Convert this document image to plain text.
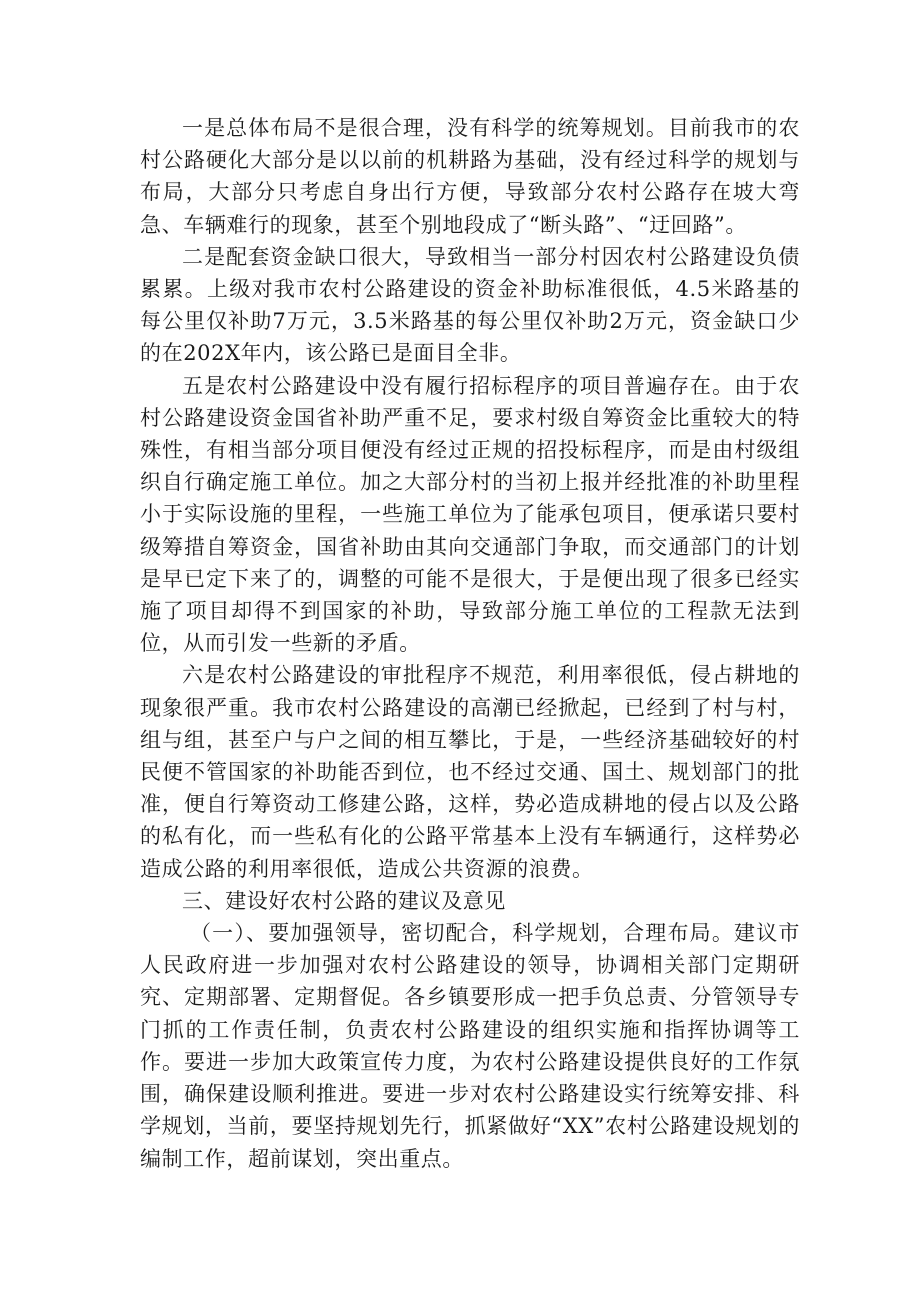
一是总体布局不是很合理，没有科学的统筹规划。目前我市的农村公路硬化大部分是以以前的机耕路为基础，没有经过科学的规划与布局，大部分只考虑自身出行方便，导致部分农村公路存在坡大弯急、车辆难行的现象，甚至个别地段成了“断头路”、“迂回路”。

二是配套资金缺口很大，导致相当一部分村因农村公路建设负债累累。上级对我市农村公路建设的资金补助标准很低，4.5米路基的每公里仅补助7万元，3.5米路基的每公里仅补助2万元，资金缺口少的在202X年内，该公路已是面目全非。

五是农村公路建设中没有履行招标程序的项目普遍存在。由于农村公路建设资金国省补助严重不足，要求村级自筹资金比重较大的特殊性，有相当部分项目便没有经过正规的招投标程序，而是由村级组织自行确定施工单位。加之大部分村的当初上报并经批准的补助里程小于实际设施的里程，一些施工单位为了能承包项目，便承诺只要村级筹措自筹资金，国省补助由其向交通部门争取，而交通部门的计划是早已定下来了的，调整的可能不是很大，于是便出现了很多已经实施了项目却得不到国家的补助，导致部分施工单位的工程款无法到位，从而引发一些新的矛盾。

六是农村公路建设的审批程序不规范，利用率很低，侵占耕地的现象很严重。我市农村公路建设的高潮已经掀起，已经到了村与村，组与组，甚至户与户之间的相互攀比，于是，一些经济基础较好的村民便不管国家的补助能否到位，也不经过交通、国土、规划部门的批准，便自行筹资动工修建公路，这样，势必造成耕地的侵占以及公路的私有化，而一些私有化的公路平常基本上没有车辆通行，这样势必造成公路的利用率很低，造成公共资源的浪费。

三、建设好农村公路的建议及意见

（一）、要加强领导，密切配合，科学规划，合理布局。建议市人民政府进一步加强对农村公路建设的领导，协调相关部门定期研究、定期部署、定期督促。各乡镇要形成一把手负总责、分管领导专门抓的工作责任制，负责农村公路建设的组织实施和指挥协调等工作。要进一步加大政策宣传力度，为农村公路建设提供良好的工作氛围，确保建设顺利推进。要进一步对农村公路建设实行统筹安排、科学规划，当前，要坚持规划先行，抓紧做好“XX”农村公路建设规划的编制工作，超前谋划，突出重点。
